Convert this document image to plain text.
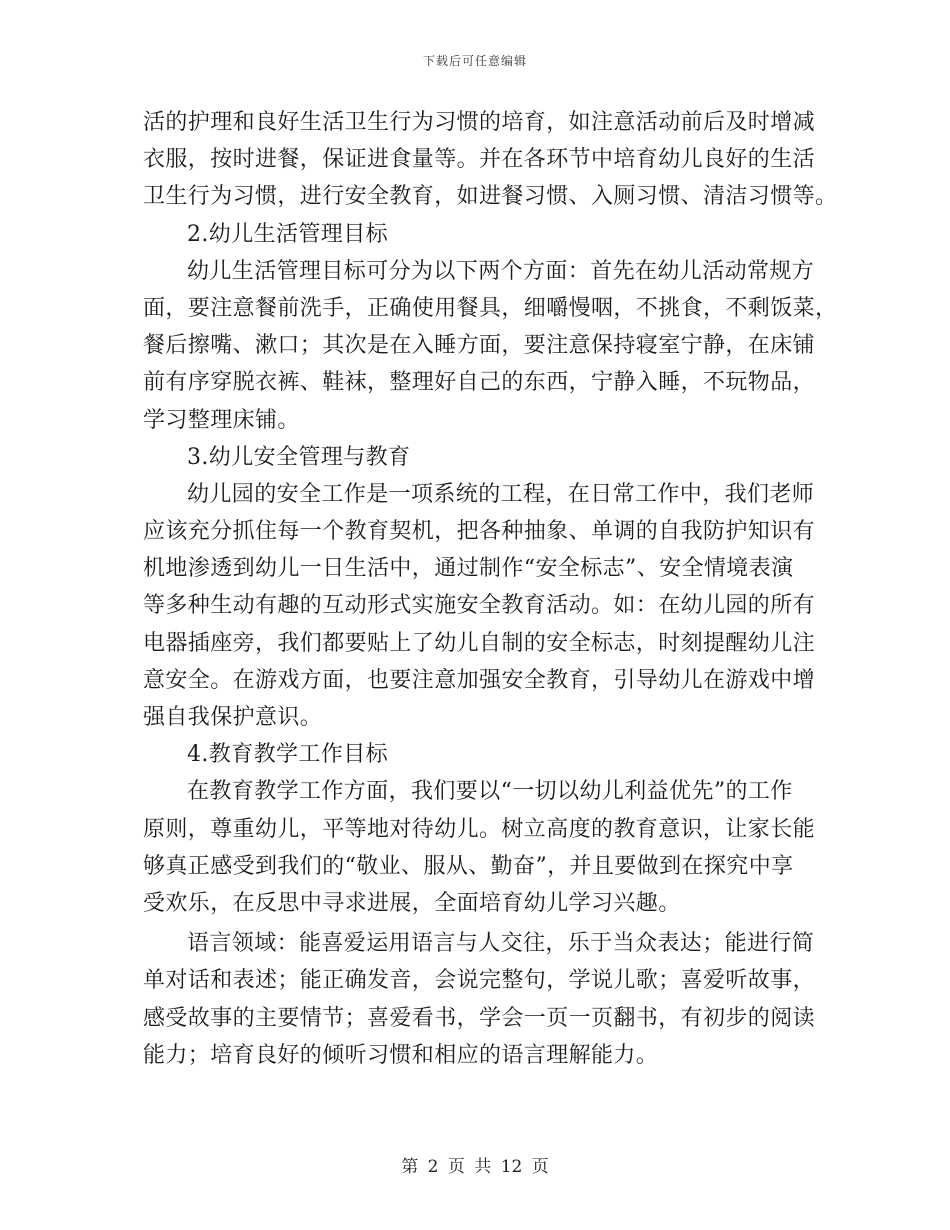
下载后可任意编辑
活的护理和良好生活卫生行为习惯的培育，如注意活动前后及时增减
衣服，按时进餐，保证进食量等。并在各环节中培育幼儿良好的生活
卫生行为习惯，进行安全教育，如进餐习惯、入厕习惯、清洁习惯等。
2.幼儿生活管理目标
幼儿生活管理目标可分为以下两个方面：首先在幼儿活动常规方
面，要注意餐前洗手，正确使用餐具，细嚼慢咽，不挑食，不剩饭菜，
餐后擦嘴、漱口；其次是在入睡方面，要注意保持寝室宁静，在床铺
前有序穿脱衣裤、鞋袜，整理好自己的东西，宁静入睡，不玩物品，
学习整理床铺。
3.幼儿安全管理与教育
幼儿园的安全工作是一项系统的工程，在日常工作中，我们老师
应该充分抓住每一个教育契机，把各种抽象、单调的自我防护知识有
机地渗透到幼儿一日生活中，通过制作“安全标志”、安全情境表演
等多种生动有趣的互动形式实施安全教育活动。如：在幼儿园的所有
电器插座旁，我们都要贴上了幼儿自制的安全标志，时刻提醒幼儿注
意安全。在游戏方面，也要注意加强安全教育，引导幼儿在游戏中增
强自我保护意识。
4.教育教学工作目标
在教育教学工作方面，我们要以“一切以幼儿利益优先”的工作
原则，尊重幼儿，平等地对待幼儿。树立高度的教育意识，让家长能
够真正感受到我们的“敬业、服从、勤奋”，并且要做到在探究中享
受欢乐，在反思中寻求进展，全面培育幼儿学习兴趣。
语言领域：能喜爱运用语言与人交往，乐于当众表达；能进行简
单对话和表述；能正确发音，会说完整句，学说儿歌；喜爱听故事，
感受故事的主要情节；喜爱看书，学会一页一页翻书，有初步的阅读
能力；培育良好的倾听习惯和相应的语言理解能力。
第 2 页 共 12 页
